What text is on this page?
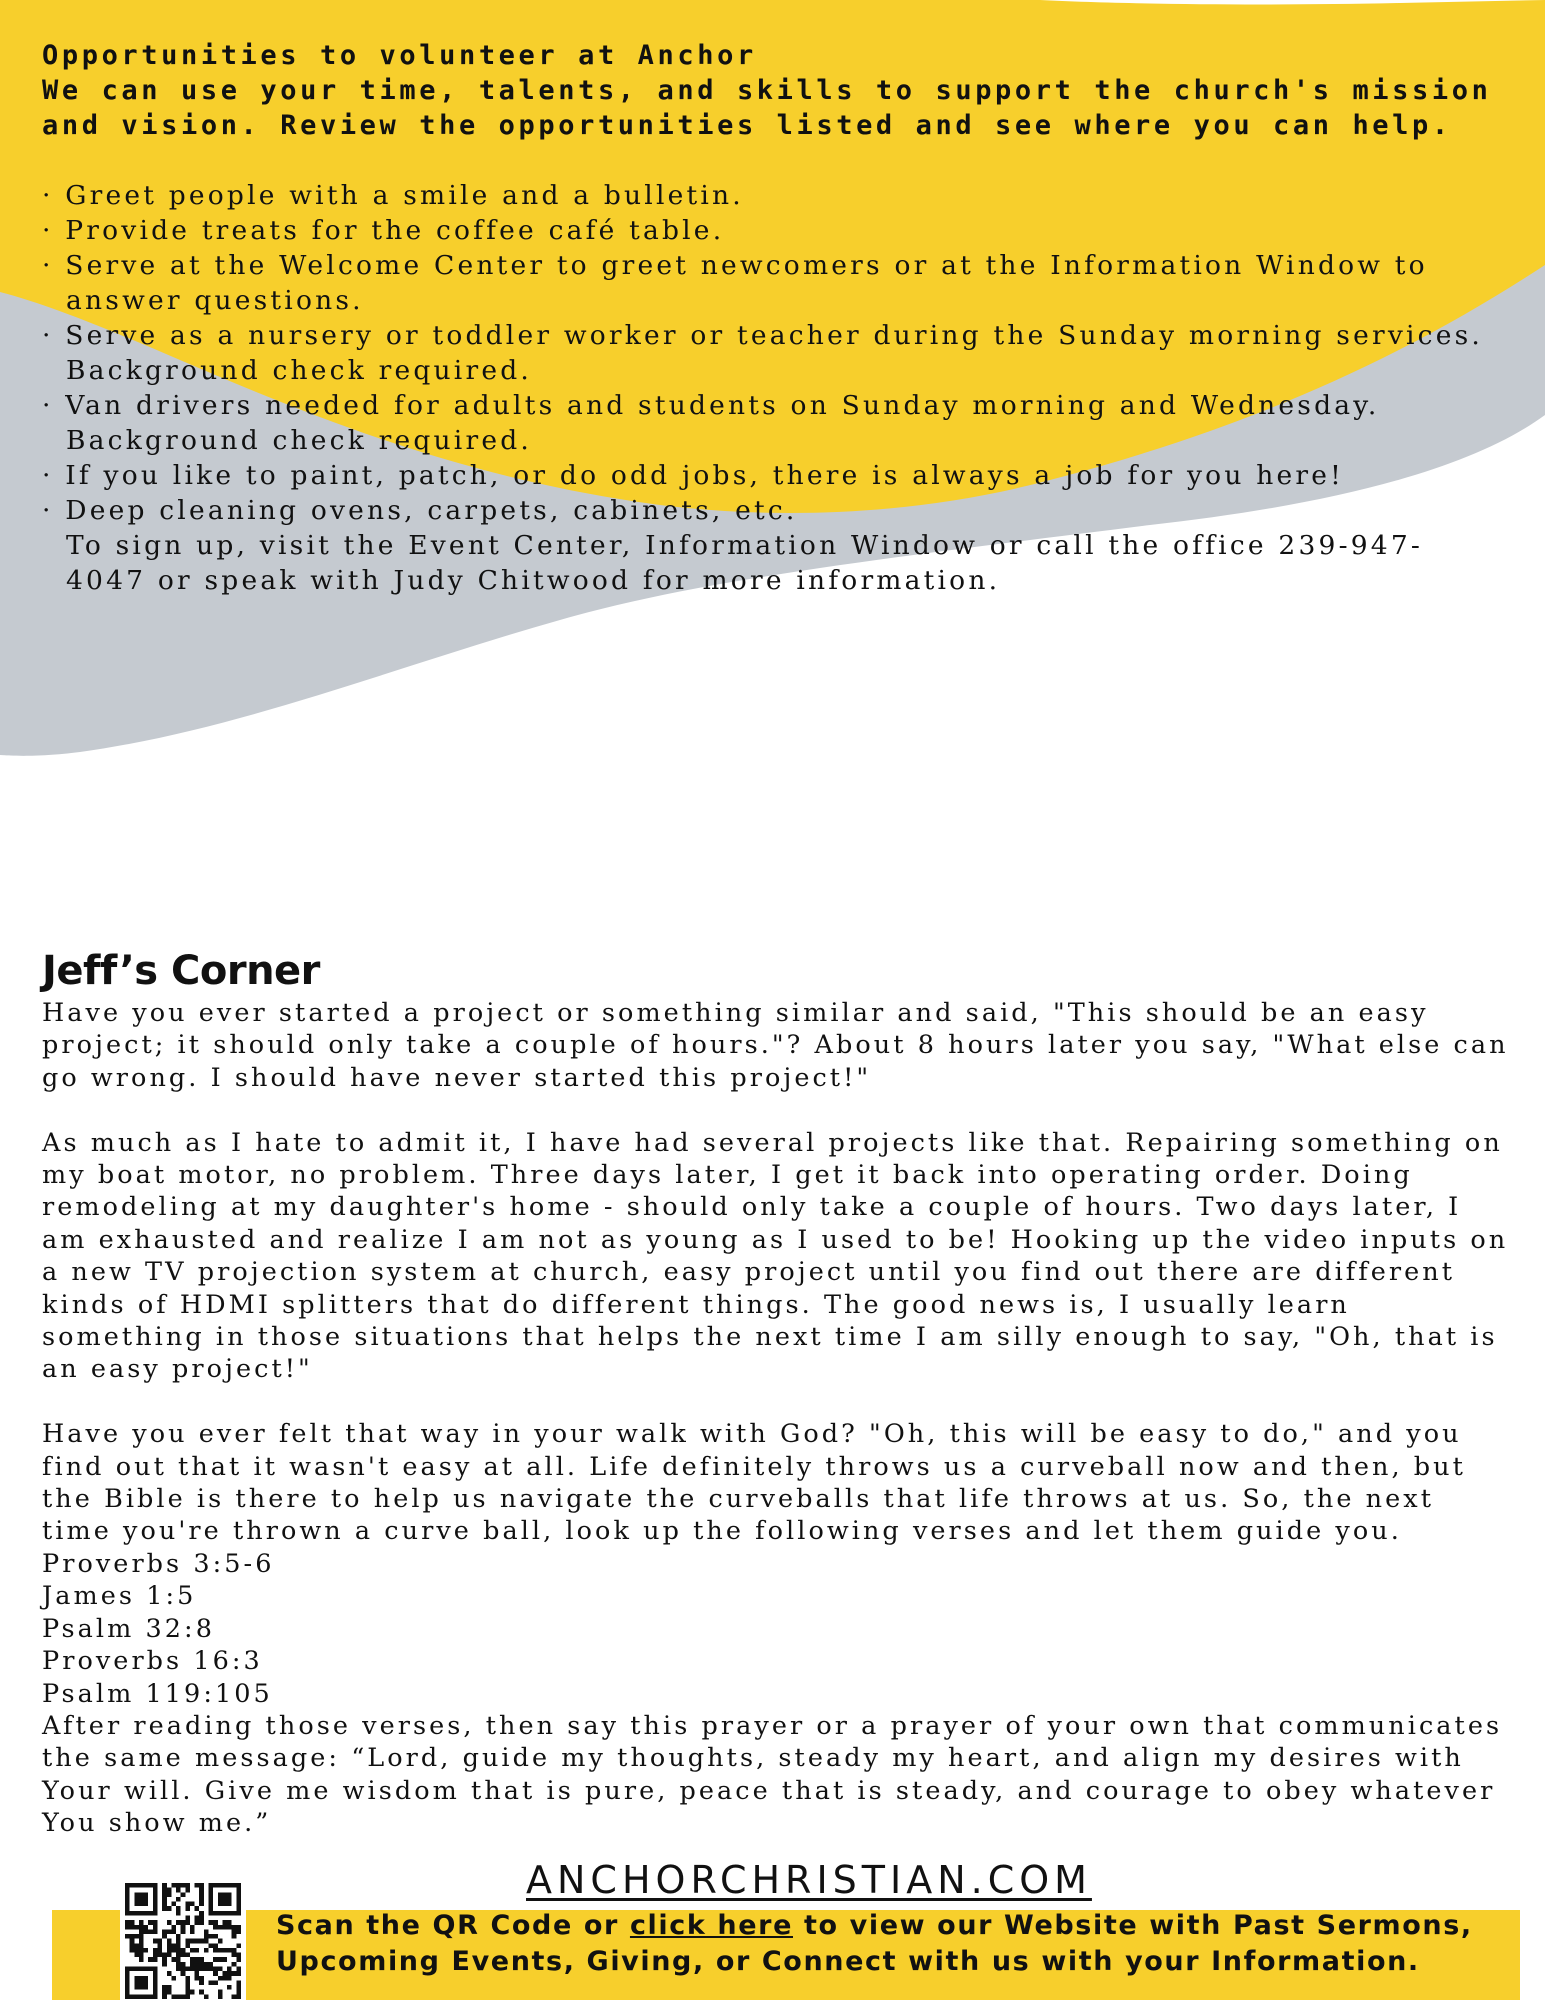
Opportunities to volunteer at Anchor

We can use your time, talents, and skills to support the church's mission and vision. Review the opportunities listed and see where you can help.

· Greet people with a smile and a bulletin.
· Provide treats for the coffee café table.
· Serve at the Welcome Center to greet newcomers or at the Information Window to answer questions.
· Serve as a nursery or toddler worker or teacher during the Sunday morning services. Background check required.
· Van drivers needed for adults and students on Sunday morning and Wednesday. Background check required.
· If you like to paint, patch, or do odd jobs, there is always a job for you here!
· Deep cleaning ovens, carpets, cabinets, etc.

To sign up, visit the Event Center, Information Window or call the office 239-947-4047 or speak with Judy Chitwood for more information.

Jeff’s Corner

Have you ever started a project or something similar and said, "This should be an easy project; it should only take a couple of hours."? About 8 hours later you say, "What else can go wrong. I should have never started this project!"

As much as I hate to admit it, I have had several projects like that. Repairing something on my boat motor, no problem. Three days later, I get it back into operating order. Doing remodeling at my daughter's home - should only take a couple of hours. Two days later, I am exhausted and realize I am not as young as I used to be! Hooking up the video inputs on a new TV projection system at church, easy project until you find out there are different kinds of HDMI splitters that do different things. The good news is, I usually learn something in those situations that helps the next time I am silly enough to say, "Oh, that is an easy project!"

Have you ever felt that way in your walk with God? "Oh, this will be easy to do," and you find out that it wasn't easy at all. Life definitely throws us a curveball now and then, but the Bible is there to help us navigate the curveballs that life throws at us. So, the next time you're thrown a curve ball, look up the following verses and let them guide you.

Proverbs 3:5-6
James 1:5
Psalm 32:8
Proverbs 16:3
Psalm 119:105

After reading those verses, then say this prayer or a prayer of your own that communicates the same message: “Lord, guide my thoughts, steady my heart, and align my desires with Your will. Give me wisdom that is pure, peace that is steady, and courage to obey whatever You show me.”

ANCHORCHRISTIAN.COM

Scan the QR Code or click here to view our Website with Past Sermons, Upcoming Events, Giving, or Connect with us with your Information.
